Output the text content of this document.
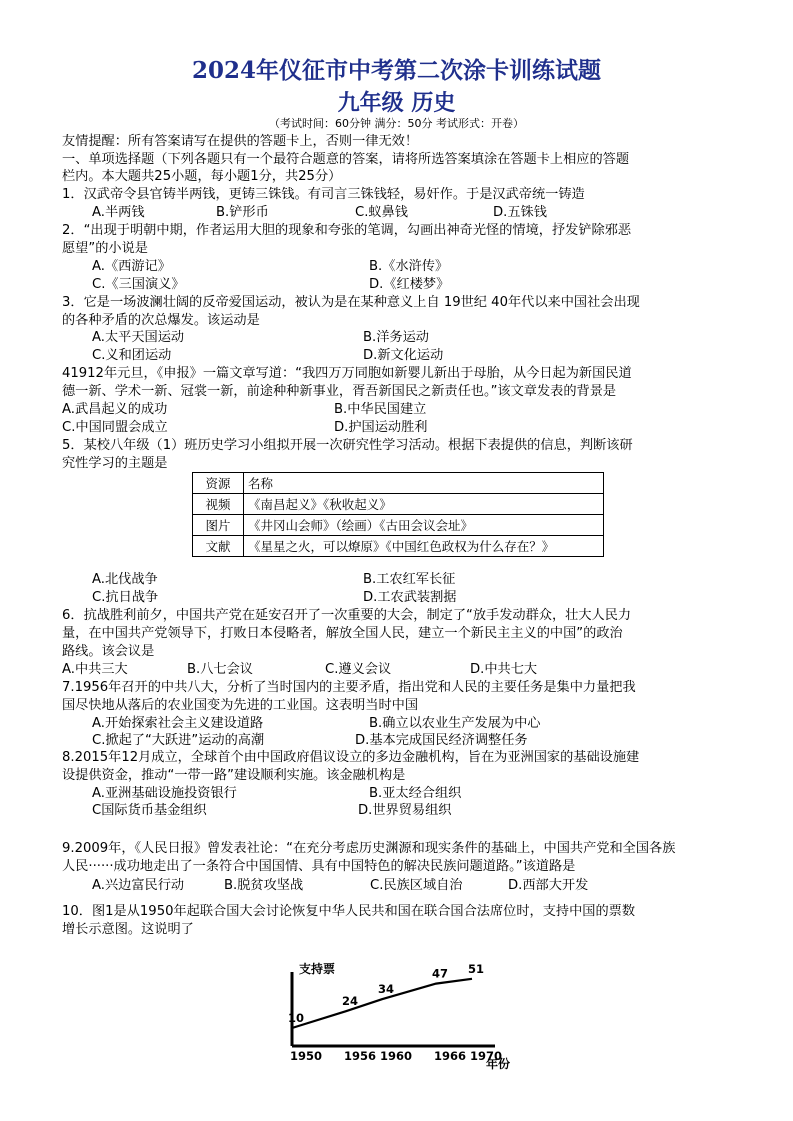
2024年仪征市中考第二次涂卡训练试题
九年级 历史
（考试时间：60分钟 满分：50分 考试形式：开卷）
友情提醒：所有答案请写在提供的答题卡上，否则一律无效！
一、单项选择题（下列各题只有一个最符合题意的答案，请将所选答案填涂在答题卡上相应的答题
栏内。本大题共25小题，每小题1分，共25分）
1．汉武帝令县官铸半两钱，更铸三铢钱。有司言三铢钱轻，易奸作。于是汉武帝统一铸造
A.半两钱	B.铲形币	C.蚁鼻钱	D.五铢钱
2．“出现于明朝中期，作者运用大胆的现象和夸张的笔调，勾画出神奇光怪的情境，抒发铲除邪恶
愿望”的小说是
A.《西游记》	B.《水浒传》
C.《三国演义》	D.《红楼梦》
3．它是一场波澜壮阔的反帝爱国运动，被认为是在某种意义上自 19世纪 40年代以来中国社会出现
的各种矛盾的次总爆发。该运动是
A.太平天国运动	B.洋务运动
C.义和团运动	D.新文化运动
41912年元旦，《申报》一篇文章写道：“我四万万同胞如新婴儿新出于母胎，从今日起为新国民道
德一新、学术一新、冠裳一新，前途种种新事业，胥吾新国民之新责任也。”该文章发表的背景是
A.武昌起义的成功	B.中华民国建立
C.中国同盟会成立	D.护国运动胜利
5．某校八年级（1）班历史学习小组拟开展一次研究性学习活动。根据下表提供的信息，判断该研
究性学习的主题是
资源	名称
视频	《南昌起义》《秋收起义》
图片	《井冈山会师》（绘画）《古田会议会址》
文献	《星星之火，可以燎原》《中国红色政权为什么存在？》
A.北伐战争	B.工农红军长征
C.抗日战争	D.工农武装割据
6．抗战胜利前夕，中国共产党在延安召开了一次重要的大会，制定了“放手发动群众，壮大人民力
量，在中国共产党领导下，打败日本侵略者，解放全国人民，建立一个新民主主义的中国”的政治
路线。该会议是
A.中共三大	B.八七会议	C.遵义会议	D.中共七大
7.1956年召开的中共八大，分析了当时国内的主要矛盾，指出党和人民的主要任务是集中力量把我
国尽快地从落后的农业国变为先进的工业国。这表明当时中国
A.开始探索社会主义建设道路	B.确立以农业生产发展为中心
C.掀起了“大跃进”运动的高潮	D.基本完成国民经济调整任务
8.2015年12月成立，全球首个由中国政府倡议设立的多边金融机构，旨在为亚洲国家的基础设施建
设提供资金，推动“一带一路”建设顺利实施。该金融机构是
A.亚洲基础设施投资银行	B.亚太经合组织
C国际货币基金组织	D.世界贸易组织
9.2009年，《人民日报》曾发表社论：“在充分考虑历史渊源和现实条件的基础上，中国共产党和全国各族
人民······成功地走出了一条符合中国国情、具有中国特色的解决民族问题道路。”该道路是
A.兴边富民行动	B.脱贫攻坚战	C.民族区域自治	D.西部大开发
10．图1是从1950年起联合国大会讨论恢复中华人民共和国在联合国合法席位时，支持中国的票数
增长示意图。这说明了
支持票
年份
1950
10
1956
24
1960
34
1966
47
1970
51
